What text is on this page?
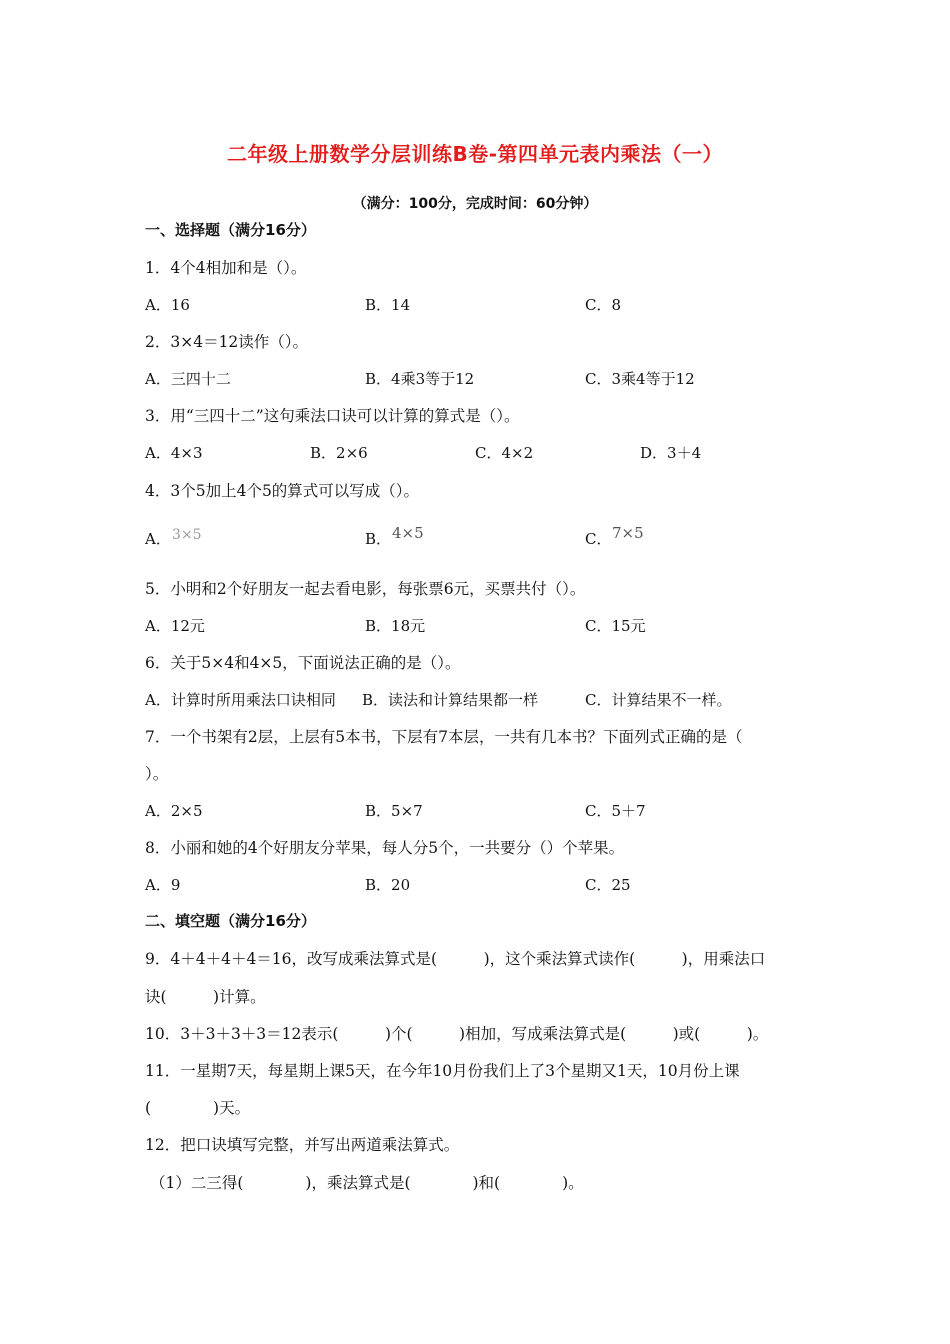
二年级上册数学分层训练B卷-第四单元表内乘法（一）
（满分：100分，完成时间：60分钟）
一、选择题（满分16分）
1．4个4相加和是（）。
A．16	B．14	C．8
2．3×4＝12读作（）。
A．三四十二	B．4乘3等于12	C．3乘4等于12
3．用“三四十二”这句乘法口诀可以计算的算式是（）。
A．4×3	B．2×6	C．4×2	D．3＋4
4．3个5加上4个5的算式可以写成（）。
A． 3×5	B． 4×5	C． 7×5
5．小明和2个好朋友一起去看电影，每张票6元，买票共付（）。
A．12元	B．18元	C．15元
6．关于5×4和4×5，下面说法正确的是（）。
A．计算时所用乘法口诀相同 B．读法和计算结果都一样	C．计算结果不一样。
7．一个书架有2层，上层有5本书，下层有7本层，一共有几本书？下面列式正确的是（
）。
A．2×5	B．5×7	C．5＋7
8．小丽和她的4个好朋友分苹果，每人分5个，一共要分（）个苹果。
A．9	B．20	C．25
二、填空题（满分16分）
9．4＋4＋4＋4＝16，改写成乘法算式是(　　　)，这个乘法算式读作(　　　)，用乘法口
诀(　　　)计算。
10．3＋3＋3＋3＝12表示(　　　)个(　　　)相加，写成乘法算式是(　　　)或(　　　)。
11．一星期7天，每星期上课5天，在今年10月份我们上了3个星期又1天，10月份上课
(　　　　)天。
12．把口诀填写完整，并写出两道乘法算式。
（1）二三得(　　　　)，乘法算式是(　　　　)和(　　　　)。
